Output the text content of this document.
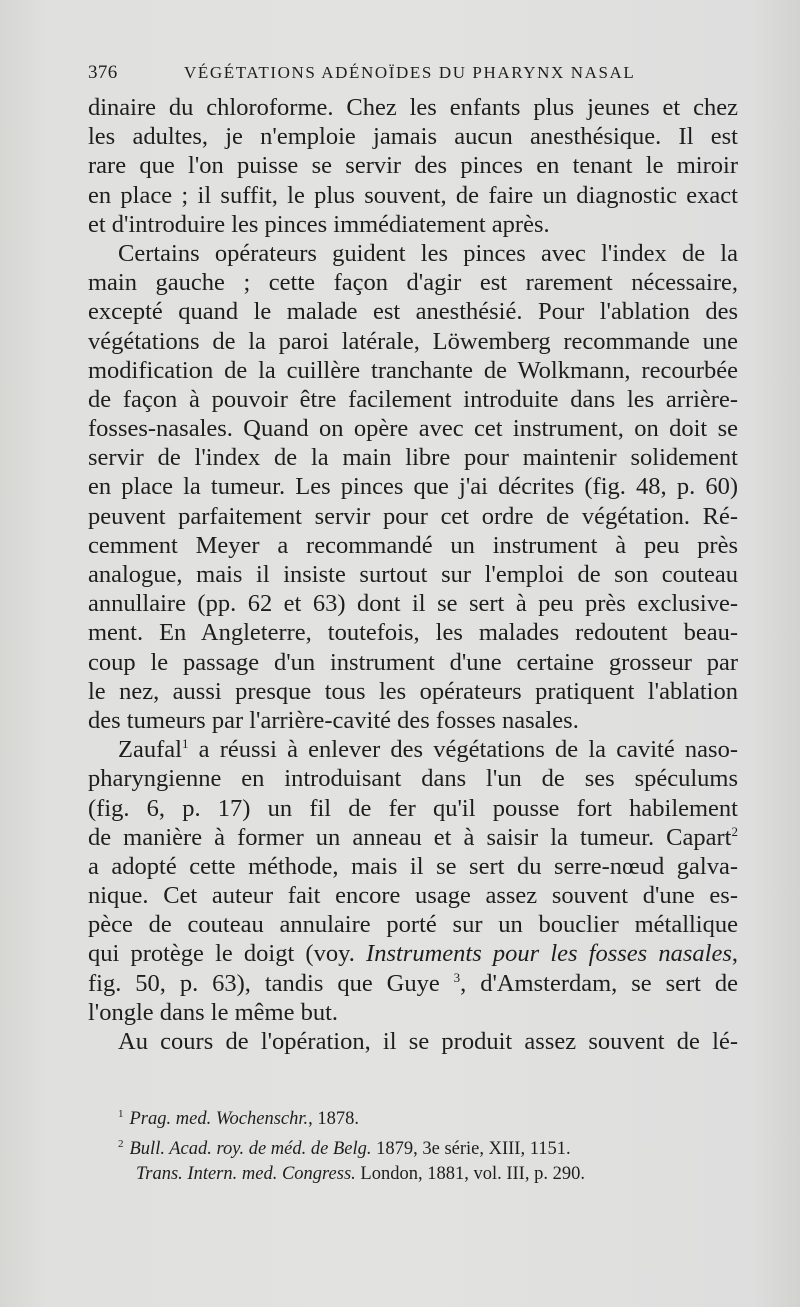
376	VÉGÉTATIONS ADÉNOÏDES DU PHARYNX NASAL
dinaire du chloroforme. Chez les enfants plus jeunes et chez
les adultes, je n'emploie jamais aucun anesthésique. Il est
rare que l'on puisse se servir des pinces en tenant le miroir
en place ; il suffit, le plus souvent, de faire un diagnostic exact
et d'introduire les pinces immédiatement après.
Certains opérateurs guident les pinces avec l'index de la
main gauche ; cette façon d'agir est rarement nécessaire,
excepté quand le malade est anesthésié. Pour l'ablation des
végétations de la paroi latérale, Löwemberg recommande une
modification de la cuillère tranchante de Wolkmann, recourbée
de façon à pouvoir être facilement introduite dans les arrière-
fosses-nasales. Quand on opère avec cet instrument, on doit se
servir de l'index de la main libre pour maintenir solidement
en place la tumeur. Les pinces que j'ai décrites (fig. 48, p. 60)
peuvent parfaitement servir pour cet ordre de végétation. Ré-
cemment Meyer a recommandé un instrument à peu près
analogue, mais il insiste surtout sur l'emploi de son couteau
annullaire (pp. 62 et 63) dont il se sert à peu près exclusive-
ment. En Angleterre, toutefois, les malades redoutent beau-
coup le passage d'un instrument d'une certaine grosseur par
le nez, aussi presque tous les opérateurs pratiquent l'ablation
des tumeurs par l'arrière-cavité des fosses nasales.
Zaufal$^1$ a réussi à enlever des végétations de la cavité naso-
pharyngienne en introduisant dans l'un de ses spéculums
(fig. 6, p. 17) un fil de fer qu'il pousse fort habilement
de manière à former un anneau et à saisir la tumeur. Capart$^2$
a adopté cette méthode, mais il se sert du serre-nœud galva-
nique. Cet auteur fait encore usage assez souvent d'une es-
pèce de couteau annulaire porté sur un bouclier métallique
qui protège le doigt (voy. Instruments pour les fosses nasales,
fig. 50, p. 63), tandis que Guye $^3$, d'Amsterdam, se sert de
l'ongle dans le même but.
Au cours de l'opération, il se produit assez souvent de lé-
$^1$ Prag. med. Wochenschr., 1878.
$^2$ Bull. Acad. roy. de méd. de Belg. 1879, 3e série, XIII, 1151.
Trans. Intern. med. Congress. London, 1881, vol. III, p. 290.
